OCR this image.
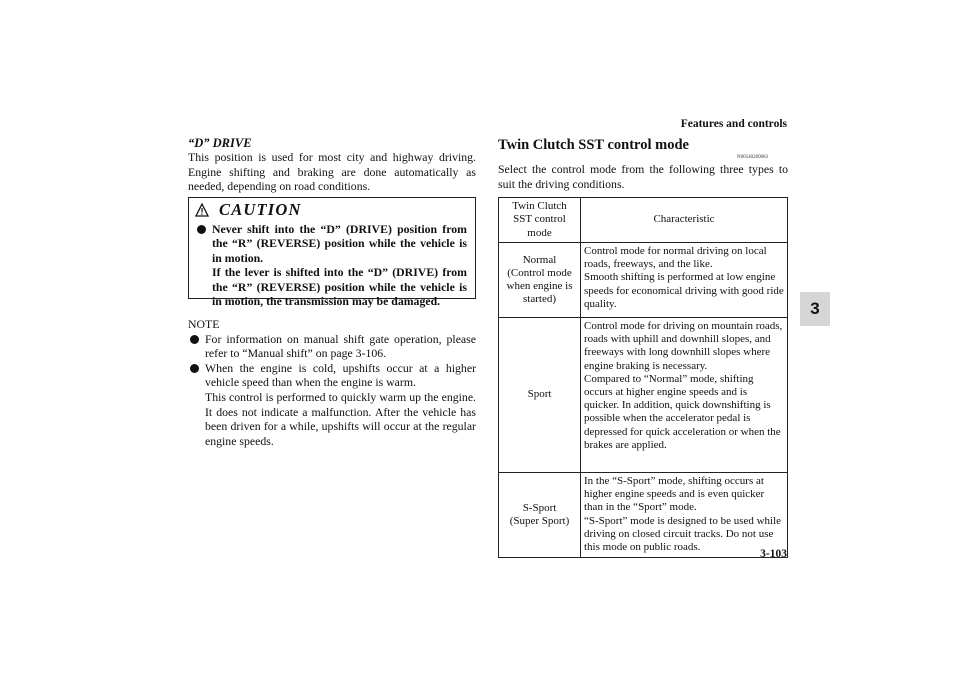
Features and controls
3
“D” DRIVE
This position is used for most city and highway driving. Engine shifting and braking are done automatically as needed, depending on road conditions.
CAUTION
Never shift into the “D” (DRIVE) position from the “R” (REVERSE) position while the vehicle is in motion.
If the lever is shifted into the “D” (DRIVE) from the “R” (REVERSE) position while the vehicle is in motion, the transmission may be damaged.
NOTE
For information on manual shift gate operation, please refer to “Manual shift” on page 3-106.
When the engine is cold, upshifts occur at a higher vehicle speed than when the engine is warm.
This control is performed to quickly warm up the engine. It does not indicate a malfunction. After the vehicle has been driven for a while, upshifts will occur at the regular engine speeds.
Twin Clutch SST control mode
N00540200083
Select the control mode from the following three types to suit the driving conditions.
Twin Clutch SST control mode	Characteristic

Normal
(Control mode
when engine is
started)	Control mode for normal driving on local roads, freeways, and the like.
Smooth shifting is performed at low engine speeds for economical driving with good ride quality.

Sport	Control mode for driving on mountain roads, roads with uphill and downhill slopes, and freeways with long downhill slopes where engine braking is necessary.
Compared to “Normal” mode, shifting occurs at higher engine speeds and is quicker. In addition, quick downshifting is possible when the accelerator pedal is depressed for quick acceleration or when the brakes are applied.

S-Sport
(Super Sport)	In the “S-Sport” mode, shifting occurs at higher engine speeds and is even quicker than in the “Sport” mode.
“S-Sport” mode is designed to be used while driving on closed circuit tracks. Do not use this mode on public roads.
3-103
